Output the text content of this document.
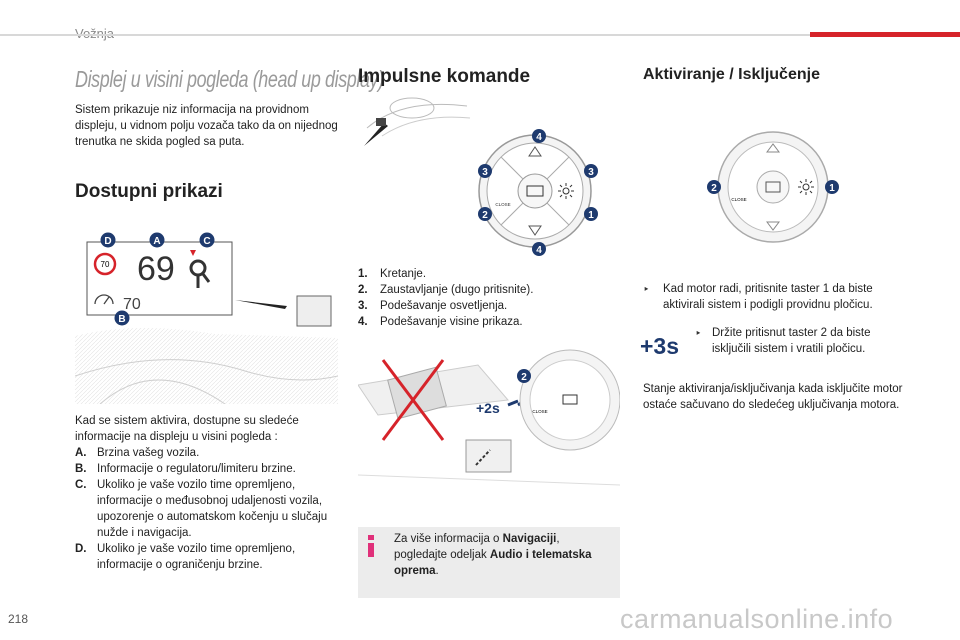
Displej u visini pogleda (head up display)
Sistem prikazuje niz informacija na providnom displeju, u vidnom polju vozača tako da on nijednog trenutka ne skida pogled sa puta.
Dostupni prikazi
70 69
70
D	A	C
B
Kad se sistem aktivira, dostupne su sledeće informacije na displeju u visini pogleda :
A. Brzina vašeg vozila.
B. Informacije o regulatoru/limiteru brzine.
C. Ukoliko je vaše vozilo time opremljeno, informacije o međusobnoj udaljenosti vozila, upozorenje o automatskom kočenju u slučaju nužde i navigacija.
D. Ukoliko je vaše vozilo time opremljeno, informacije o ograničenju brzine.
Impulsne komande
CLOSE
4
3	3
2	1
4
1.	Kretanje.
2.	Zaustavljanje (dugo pritisnite).
3.	Podešavanje osvetljenja.
4.	Podešavanje visine prikaza.
+2s	CLOSE
2
Za više informacija o Navigaciji, pogledajte odeljak Audio i telematska oprema.
Aktiviranje / Isključenje
CLOSE
2	1
‣ Kad motor radi, pritisnite taster 1 da biste aktivirali sistem i podigli providnu pločicu.
+3s ‣ Držite pritisnut taster 2 da biste isključili sistem i vratili pločicu.
Stanje aktiviranja/isključivanja kada isključite motor ostaće sačuvano do sledećeg uključivanja motora.
218	carmanualsonline.info
